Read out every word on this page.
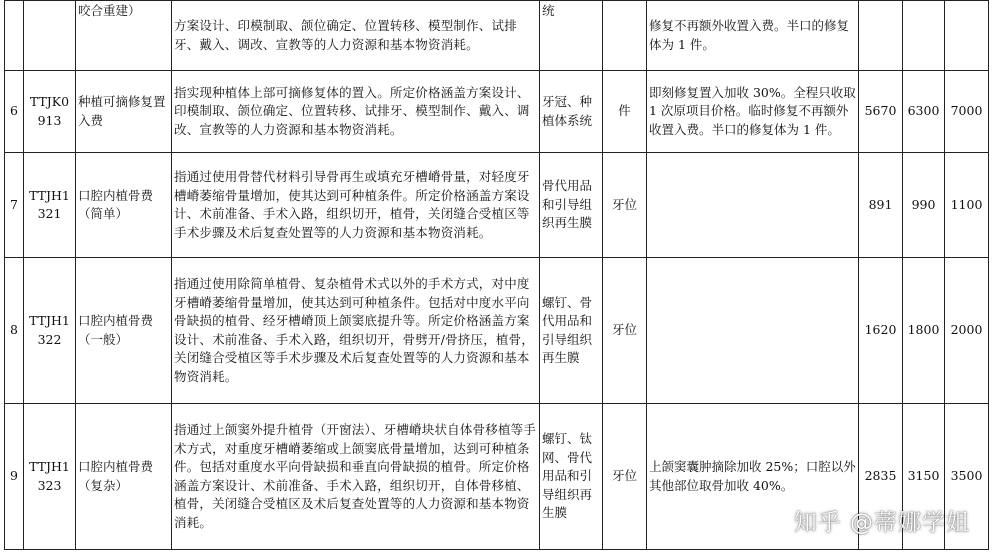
		咬合重建）	方案设计、印模制取、颌位确定、位置转移、模型制作、试排牙、戴入、调改、宣教等的人力资源和基本物资消耗。	统		修复不再额外收置入费。半口的修复体为 1 件。			
6	TTJK0913	种植可摘修复置入费	指实现种植体上部可摘修复体的置入。所定价格涵盖方案设计、印模制取、颌位确定、位置转移、试排牙、模型制作、戴入、调改、宣教等的人力资源和基本物资消耗。	牙冠、种植体系统	件	即刻修复置入加收 30%。全程只收取 1 次原项目价格。临时修复不再额外收置入费。半口的修复体为 1 件。	5670	6300	7000
7	TTJH1321	口腔内植骨费（简单）	指通过使用骨替代材料引导骨再生或填充牙槽嵴骨量，对轻度牙槽嵴萎缩骨量增加，使其达到可种植条件。所定价格涵盖方案设计、术前准备、手术入路，组织切开，植骨，关闭缝合受植区等手术步骤及术后复查处置等的人力资源和基本物资消耗。	骨代用品和引导组织再生膜	牙位		891	990	1100
8	TTJH1322	口腔内植骨费（一般）	指通过使用除简单植骨、复杂植骨术式以外的手术方式，对中度牙槽嵴萎缩骨量增加，使其达到可种植条件。包括对中度水平向骨缺损的植骨、经牙槽嵴顶上颌窦底提升等。所定价格涵盖方案设计、术前准备、手术入路，组织切开，骨劈开/骨挤压，植骨，关闭缝合受植区等手术步骤及术后复查处置等的人力资源和基本物资消耗。	螺钉、骨代用品和引导组织再生膜	牙位		1620	1800	2000
9	TTJH1323	口腔内植骨费（复杂）	指通过上颌窦外提升植骨（开窗法）、牙槽嵴块状自体骨移植等手术方式，对重度牙槽嵴萎缩或上颌窦底骨量增加，达到可种植条件。包括对重度水平向骨缺损和垂直向骨缺损的植骨。所定价格涵盖方案设计、术前准备、手术入路，组织切开，自体骨移植、植骨，关闭缝合受植区及术后复查处置等的人力资源和基本物资消耗。	螺钉、钛网、骨代用品和引导组织再生膜	牙位	上颌窦囊肿摘除加收 25%；口腔以外其他部位取骨加收 40%。	2835	3150	3500
知乎 @蒂娜学姐
